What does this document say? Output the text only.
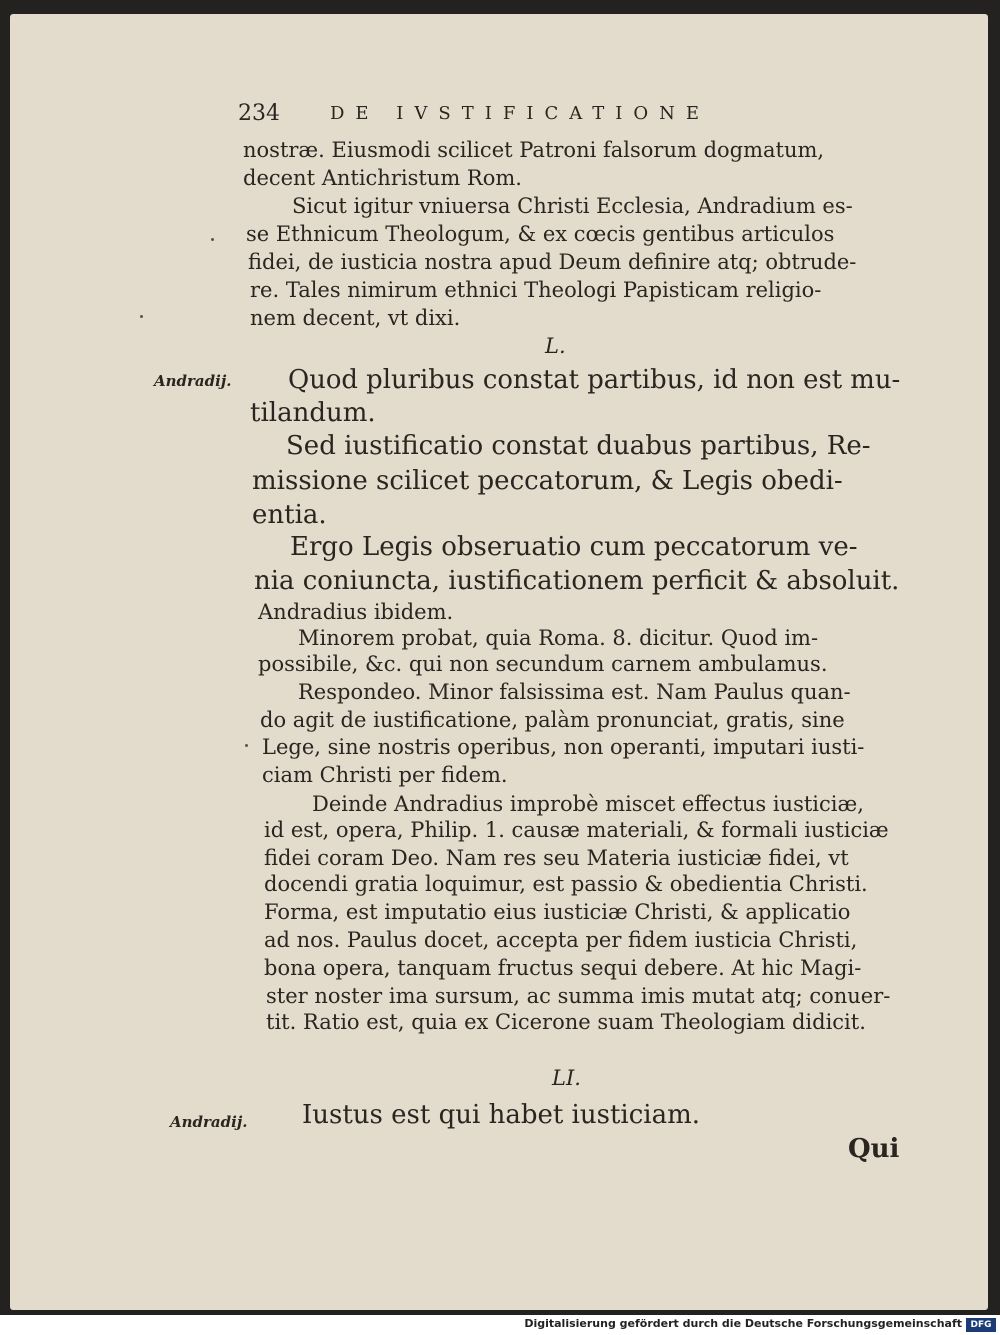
234	DE IVSTIFICATIONE
nostræ. Eiusmodi scilicet Patroni falsorum dogmatum,
decent Antichristum Rom.
Sicut igitur vniuersa Christi Ecclesia, Andradium es-
se Ethnicum Theologum, & ex cœcis gentibus articulos
fidei, de iusticia nostra apud Deum definire atq; obtrude-
re. Tales nimirum ethnici Theologi Papisticam religio-
nem decent, vt dixi.
L.
Andradij. Quod pluribus constat partibus, id non est mu-
tilandum.
Sed iustificatio constat duabus partibus, Re-
missione scilicet peccatorum, & Legis obedi-
entia.
Ergo Legis obseruatio cum peccatorum ve-
nia coniuncta, iustificationem perficit & absoluit.
Andradius ibidem.
Minorem probat, quia Roma. 8. dicitur. Quod im-
possibile, &c. qui non secundum carnem ambulamus.
Respondeo. Minor falsissima est. Nam Paulus quan-
do agit de iustificatione, palàm pronunciat, gratis, sine
Lege, sine nostris operibus, non operanti, imputari iusti-
ciam Christi per fidem.
Deinde Andradius improbè miscet effectus iusticiæ,
id est, opera, Philip. 1. causæ materiali, & formali iusticiæ
fidei coram Deo. Nam res seu Materia iusticiæ fidei, vt
docendi gratia loquimur, est passio & obedientia Christi.
Forma, est imputatio eius iusticiæ Christi, & applicatio
ad nos. Paulus docet, accepta per fidem iusticia Christi,
bona opera, tanquam fructus sequi debere. At hic Magi-
ster noster ima sursum, ac summa imis mutat atq; conuer-
tit. Ratio est, quia ex Cicerone suam Theologiam didicit.
LI.
Andradij. Iustus est qui habet iusticiam.
Qui
Digitalisierung gefördert durch die Deutsche Forschungsgemeinschaft DFG
